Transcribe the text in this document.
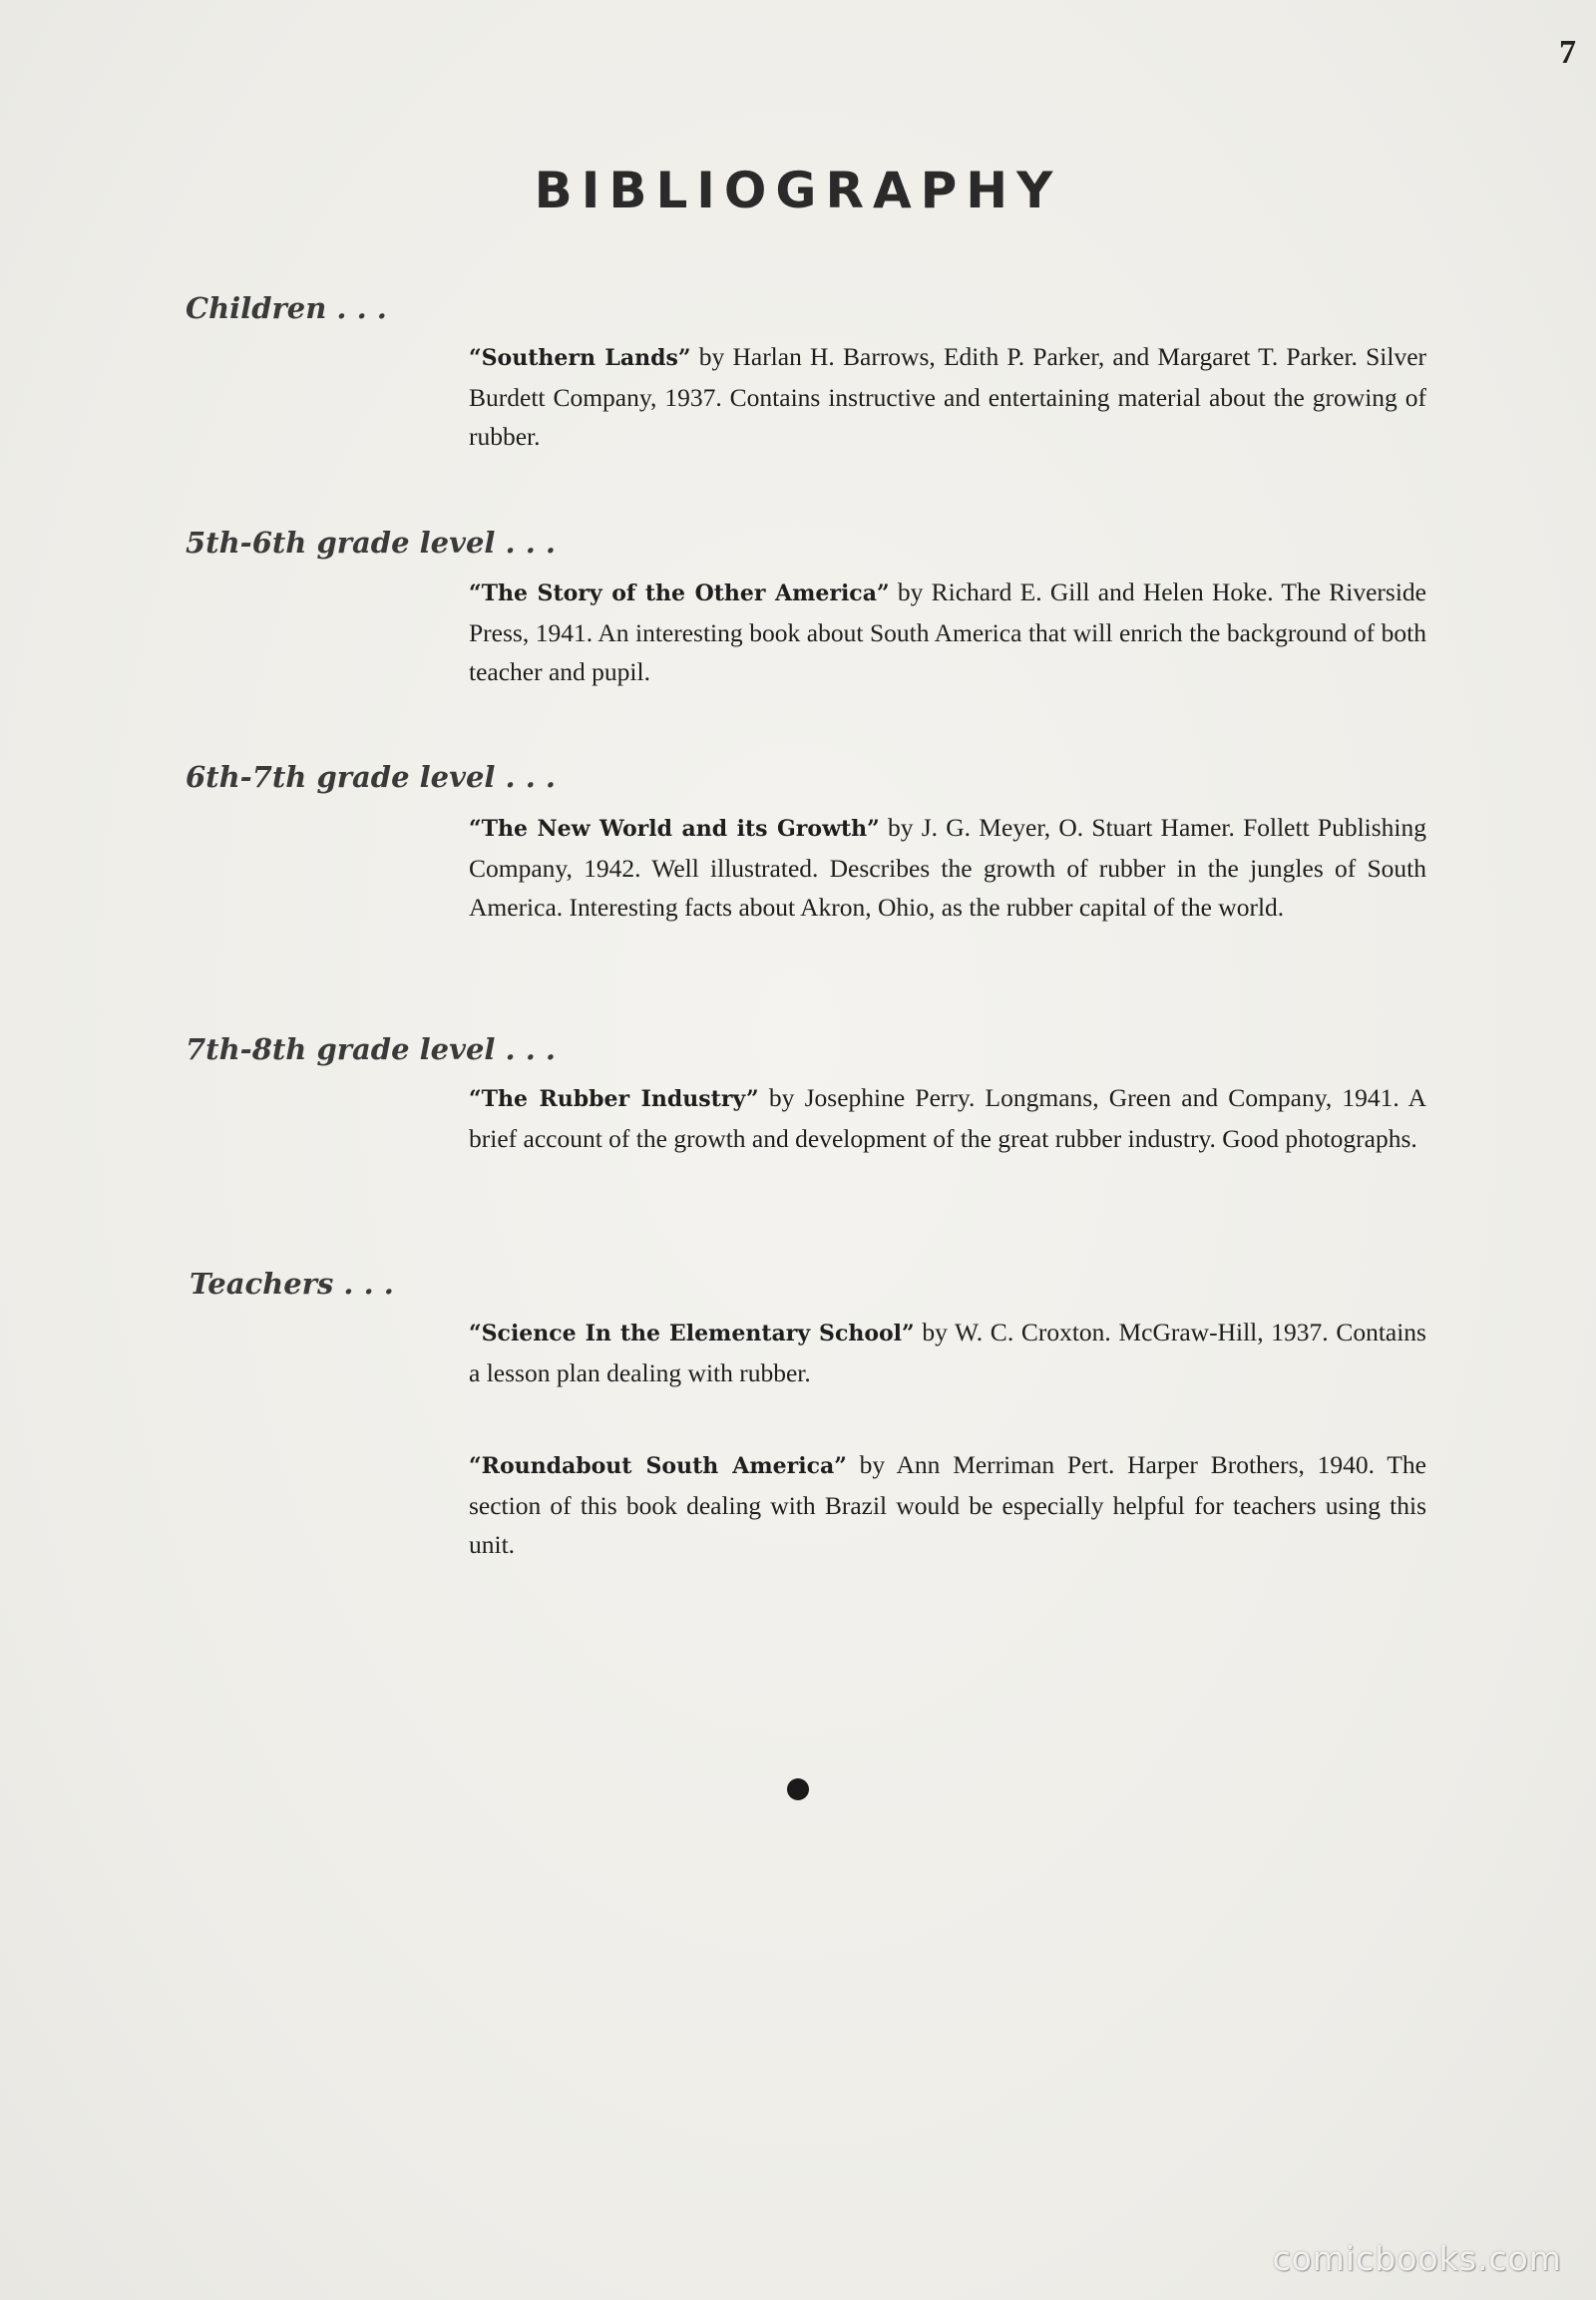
7
BIBLIOGRAPHY
Children . . .
“Southern Lands” by Harlan H. Barrows, Edith P. Parker, and Margaret T. Parker. Silver Burdett Company, 1937. Contains instructive and entertaining material about the growing of rubber.
5th-6th grade level . . .
“The Story of the Other America” by Richard E. Gill and Helen Hoke. The Riverside Press, 1941. An interesting book about South America that will enrich the background of both teacher and pupil.
6th-7th grade level . . .
“The New World and its Growth” by J. G. Meyer, O. Stuart Hamer. Follett Publishing Company, 1942. Well illustrated. Describes the growth of rubber in the jungles of South America. Interesting facts about Akron, Ohio, as the rubber capital of the world.
7th-8th grade level . . .
“The Rubber Industry” by Josephine Perry. Longmans, Green and Company, 1941. A brief account of the growth and development of the great rubber industry. Good photographs.
Teachers . . .
“Science In the Elementary School” by W. C. Croxton. McGraw-Hill, 1937. Contains a lesson plan dealing with rubber.
“Roundabout South America” by Ann Merriman Pert. Harper Brothers, 1940. The section of this book dealing with Brazil would be especially helpful for teachers using this unit.
comicbooks.com
